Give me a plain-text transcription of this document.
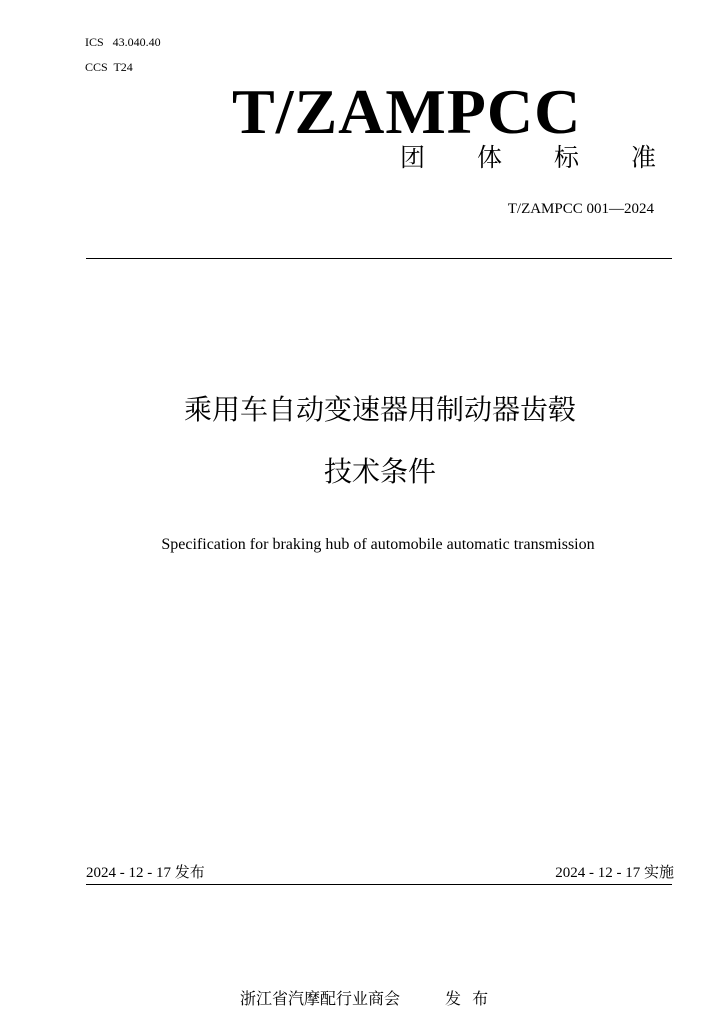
ICS   43.040.40
CCS  T24
T/ZAMPCC
团 体 标 准
T/ZAMPCC 001—2024
乘用车自动变速器用制动器齿毂
技术条件
Specification for braking hub of automobile automatic transmission
2024 - 12 - 17 发布	2024 - 12 - 17 实施
浙江省汽摩配行业商会	发 布
